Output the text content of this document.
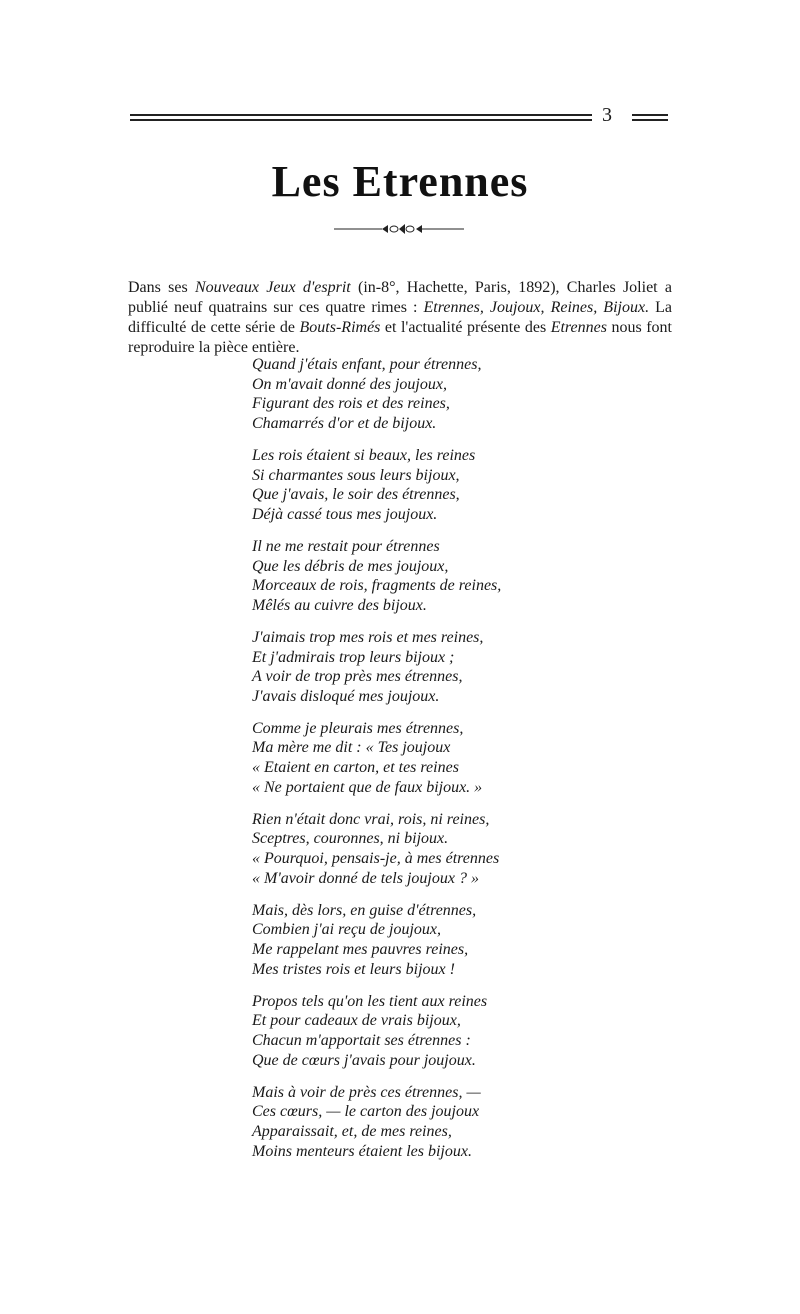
3
Les Etrennes

Dans ses Nouveaux Jeux d'esprit (in-8°, Hachette, Paris, 1892), Charles Joliet a publié neuf quatrains sur ces quatre rimes : Etrennes, Joujoux, Reines, Bijoux. La difficulté de cette série de Bouts-Rimés et l'actualité présente des Etrennes nous font reproduire la pièce entière.

Quand j'étais enfant, pour étrennes,
On m'avait donné des joujoux,
Figurant des rois et des reines,
Chamarrés d'or et de bijoux.
Les rois étaient si beaux, les reines
Si charmantes sous leurs bijoux,
Que j'avais, le soir des étrennes,
Déjà cassé tous mes joujoux.
Il ne me restait pour étrennes
Que les débris de mes joujoux,
Morceaux de rois, fragments de reines,
Mêlés au cuivre des bijoux.
J'aimais trop mes rois et mes reines,
Et j'admirais trop leurs bijoux ;
A voir de trop près mes étrennes,
J'avais disloqué mes joujoux.
Comme je pleurais mes étrennes,
Ma mère me dit : « Tes joujoux
« Etaient en carton, et tes reines
« Ne portaient que de faux bijoux. »
Rien n'était donc vrai, rois, ni reines,
Sceptres, couronnes, ni bijoux.
« Pourquoi, pensais-je, à mes étrennes
« M'avoir donné de tels joujoux ? »
Mais, dès lors, en guise d'étrennes,
Combien j'ai reçu de joujoux,
Me rappelant mes pauvres reines,
Mes tristes rois et leurs bijoux !
Propos tels qu'on les tient aux reines
Et pour cadeaux de vrais bijoux,
Chacun m'apportait ses étrennes :
Que de cœurs j'avais pour joujoux.
Mais à voir de près ces étrennes, —
Ces cœurs, — le carton des joujoux
Apparaissait, et, de mes reines,
Moins menteurs étaient les bijoux.
